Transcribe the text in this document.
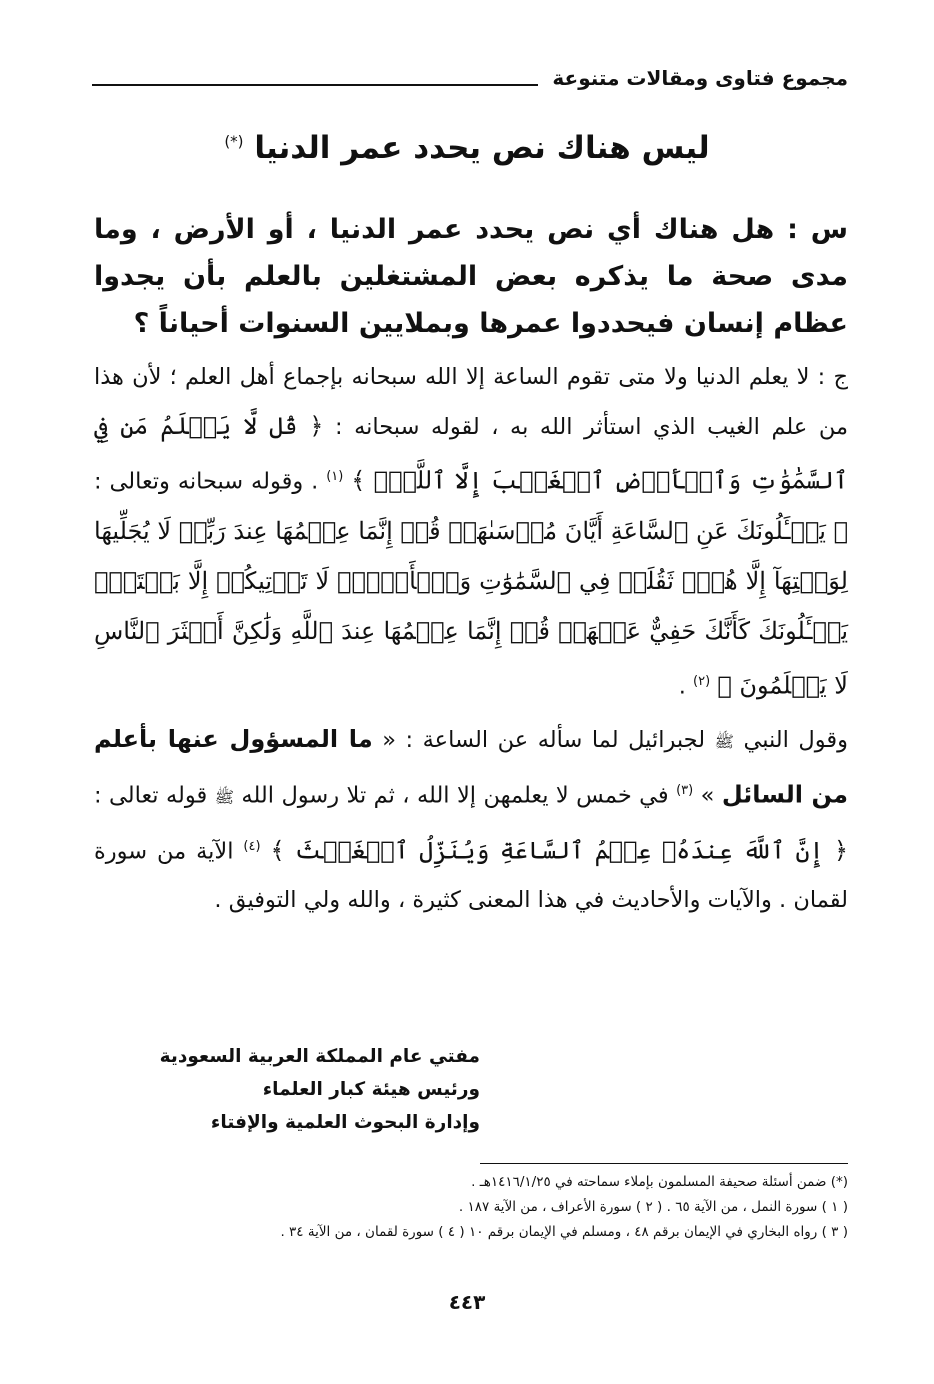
مجموع فتاوى ومقالات متنوعة
ليس هناك نص يحدد عمر الدنيا (*)

س : هل هناك أي نص يحدد عمر الدنيا ، أو الأرض ، وما مدى صحة ما يذكره بعض المشتغلين بالعلم بأن يجدوا عظام إنسان فيحددوا عمرها وبملايين السنوات أحياناً ؟

ج : لا يعلم الدنيا ولا متى تقوم الساعة إلا الله سبحانه بإجماع أهل العلم ؛ لأن هذا من علم الغيب الذي استأثر الله به ، لقوله سبحانه : ﴿ قُل لَّا يَعۡلَمُ مَن فِي ٱلسَّمَٰوَٰتِ وَٱلۡأَرۡضِ ٱلۡغَيۡبَ إِلَّا ٱللَّهُۚ ﴾ $^{(١)}$ . وقوله سبحانه وتعالى : ﴿ يَسۡـَٔلُونَكَ عَنِ ٱلسَّاعَةِ أَيَّانَ مُرۡسَىٰهَاۖ قُلۡ إِنَّمَا عِلۡمُهَا عِندَ رَبِّيۖ لَا يُجَلِّيهَا لِوَقۡتِهَآ إِلَّا هُوَۚ ثَقُلَتۡ فِي ٱلسَّمَٰوَٰتِ وَٱلۡأَرۡضِۚ لَا تَأۡتِيكُمۡ إِلَّا بَغۡتَةٗۗ يَسۡـَٔلُونَكَ كَأَنَّكَ حَفِيٌّ عَنۡهَاۖ قُلۡ إِنَّمَا عِلۡمُهَا عِندَ ٱللَّهِ وَلَٰكِنَّ أَكۡثَرَ ٱلنَّاسِ لَا يَعۡلَمُونَ ﴾ $^{(٢)}$ .

وقول النبي ﷺ لجبرائيل لما سأله عن الساعة : « ما المسؤول عنها بأعلم من السائل » $^{(٣)}$ في خمس لا يعلمهن إلا الله ، ثم تلا رسول الله ﷺ قوله تعالى : ﴿ إِنَّ ٱللَّهَ عِندَهُۥ عِلۡمُ ٱلسَّاعَةِ وَيُنَزِّلُ ٱلۡغَيۡثَ ﴾ $^{(٤)}$ الآية من سورة لقمان . والآيات والأحاديث في هذا المعنى كثيرة ، والله ولي التوفيق .

مفتي عام المملكة العربية السعودية
ورئيس هيئة كبار العلماء
وإدارة البحوث العلمية والإفتاء
(*) ضمن أسئلة صحيفة المسلمون بإملاء سماحته في ١٤١٦/١/٢٥هـ .
( ١ ) سورة النمل ، من الآية ٦٥ . ( ٢ ) سورة الأعراف ، من الآية ١٨٧ .
( ٣ ) رواه البخاري في الإيمان برقم ٤٨ ، ومسلم في الإيمان برقم ١٠ ( ٤ ) سورة لقمان ، من الآية ٣٤ .
٤٤٣
